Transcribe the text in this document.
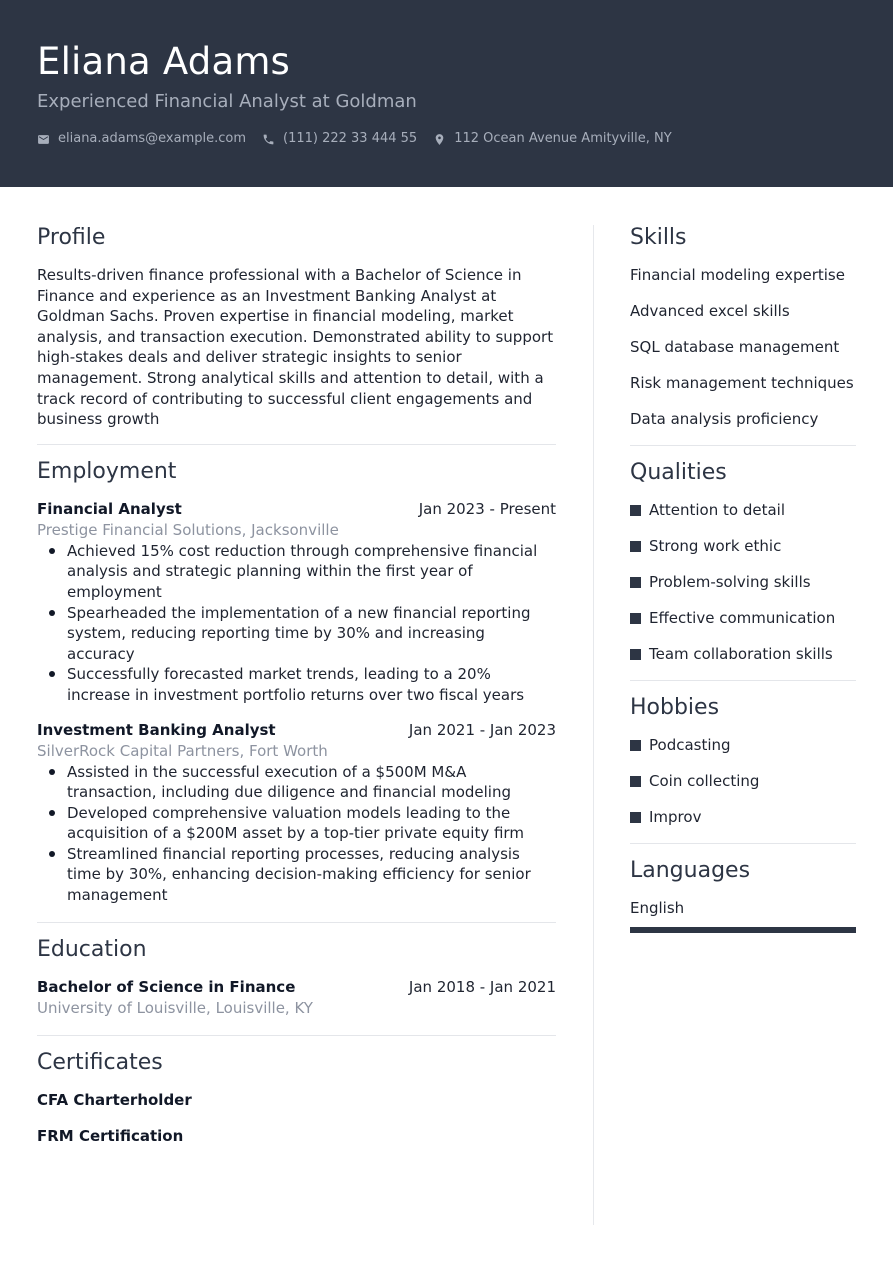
Eliana Adams
Experienced Financial Analyst at Goldman
eliana.adams@example.com	(111) 222 33 444 55	112 Ocean Avenue Amityville, NY
Profile
Results-driven finance professional with a Bachelor of Science in Finance and experience as an Investment Banking Analyst at Goldman Sachs. Proven expertise in financial modeling, market analysis, and transaction execution. Demonstrated ability to support high-stakes deals and deliver strategic insights to senior management. Strong analytical skills and attention to detail, with a track record of contributing to successful client engagements and business growth
Employment
Financial Analyst	Jan 2023 - Present
Prestige Financial Solutions, Jacksonville
Achieved 15% cost reduction through comprehensive financial analysis and strategic planning within the first year of employment
Spearheaded the implementation of a new financial reporting system, reducing reporting time by 30% and increasing accuracy
Successfully forecasted market trends, leading to a 20% increase in investment portfolio returns over two fiscal years
Investment Banking Analyst	Jan 2021 - Jan 2023
SilverRock Capital Partners, Fort Worth
Assisted in the successful execution of a $500M M&A transaction, including due diligence and financial modeling
Developed comprehensive valuation models leading to the acquisition of a $200M asset by a top-tier private equity firm
Streamlined financial reporting processes, reducing analysis time by 30%, enhancing decision-making efficiency for senior management
Education
Bachelor of Science in Finance	Jan 2018 - Jan 2021
University of Louisville, Louisville, KY
Certificates
CFA Charterholder
FRM Certification
Skills
Financial modeling expertise
Advanced excel skills
SQL database management
Risk management techniques
Data analysis proficiency
Qualities
Attention to detail
Strong work ethic
Problem-solving skills
Effective communication
Team collaboration skills
Hobbies
Podcasting
Coin collecting
Improv
Languages
English
